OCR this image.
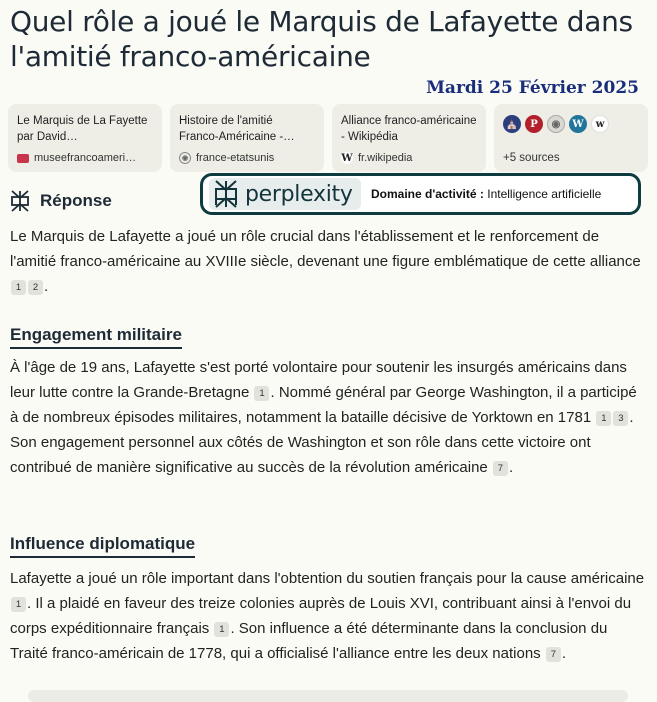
Quel rôle a joué le Marquis de Lafayette dans l'amitié franco-américaine
Mardi 25 Février 2025
Le Marquis de La Fayette par David…
museefrancoameri…
Histoire de l'amitié Franco-Américaine -…
◉ france-etatsunis
Alliance franco-américaine - Wikipédia
W fr.wikipedia
⛪	P	◉	W	w
+5 sources
Réponse	perplexity Domaine d'activité : Intelligence artificielle
Le Marquis de Lafayette a joué un rôle crucial dans l'établissement et le renforcement de l'amitié franco-américaine au XVIIIe siècle, devenant une figure emblématique de cette alliance 1 2 .
Engagement militaire
À l'âge de 19 ans, Lafayette s'est porté volontaire pour soutenir les insurgés américains dans leur lutte contre la Grande-Bretagne 1 . Nommé général par George Washington, il a participé à de nombreux épisodes militaires, notamment la bataille décisive de Yorktown en 1781 1 3 . Son engagement personnel aux côtés de Washington et son rôle dans cette victoire ont contribué de manière significative au succès de la révolution américaine 7 .
Influence diplomatique
Lafayette a joué un rôle important dans l'obtention du soutien français pour la cause américaine 1 . Il a plaidé en faveur des treize colonies auprès de Louis XVI, contribuant ainsi à l'envoi du corps expéditionnaire français 1 . Son influence a été déterminante dans la conclusion du Traité franco-américain de 1778, qui a officialisé l'alliance entre les deux nations 7 .
